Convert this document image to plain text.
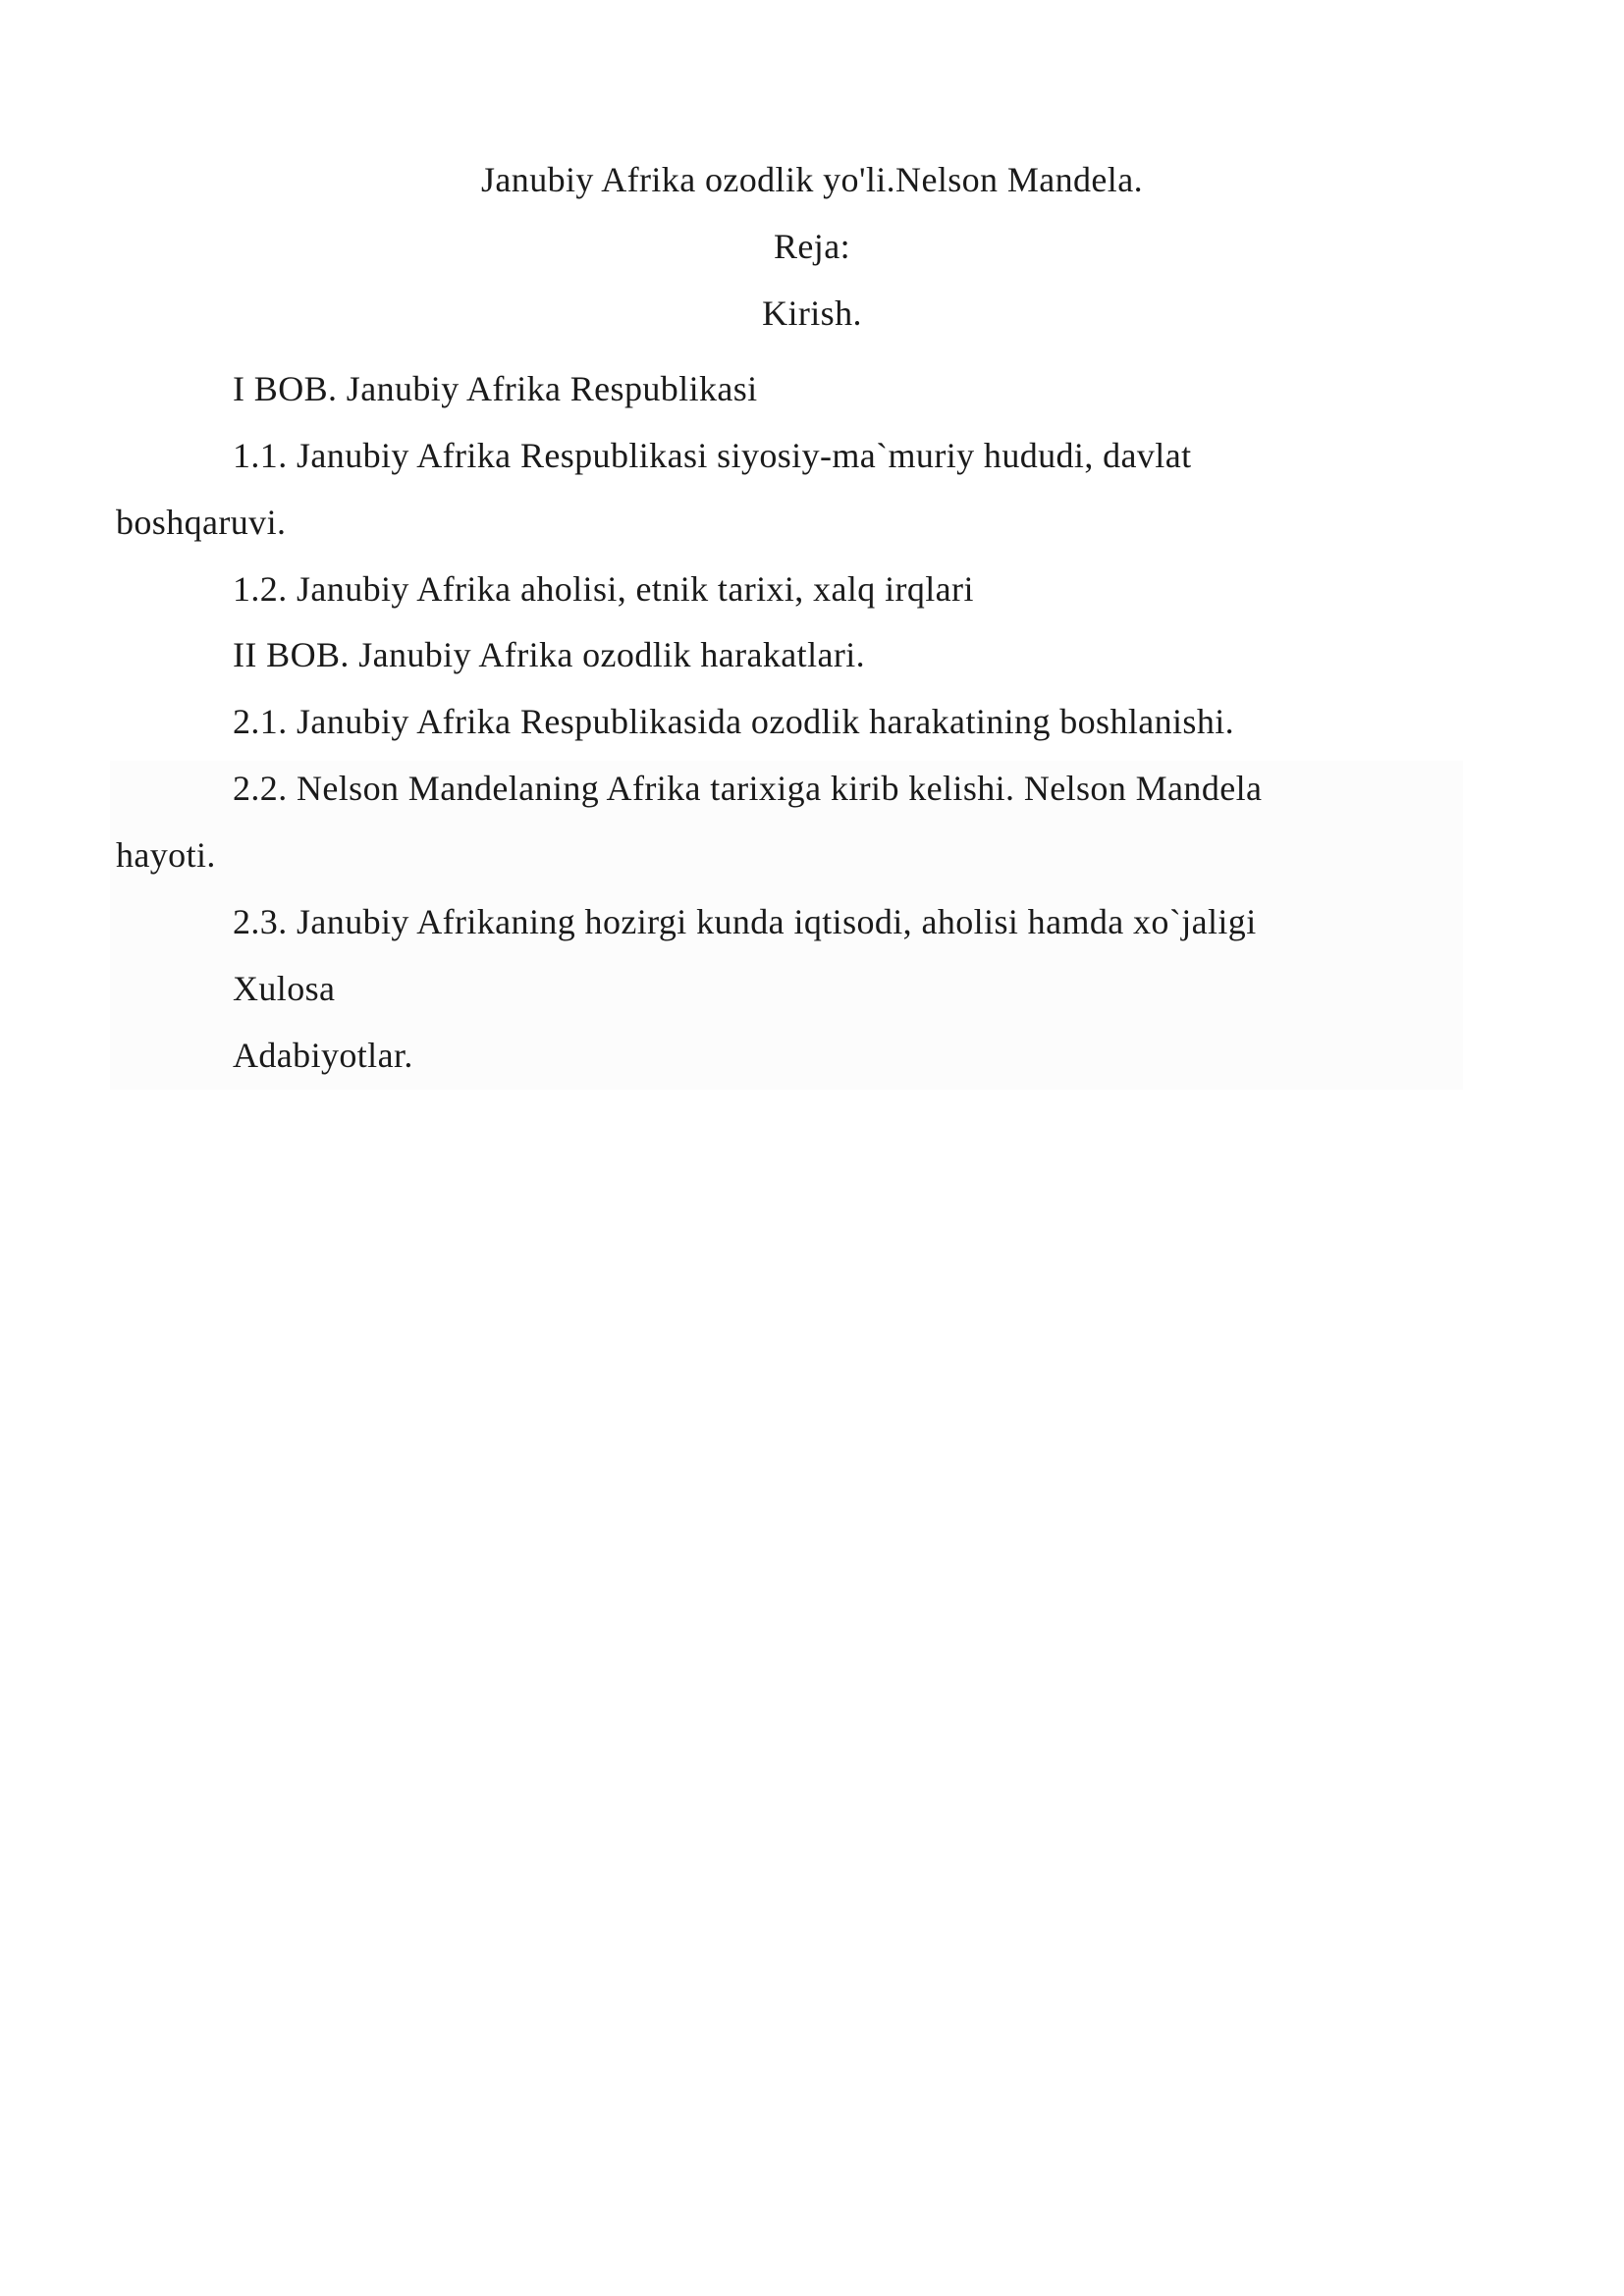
Janubiy Afrika ozodlik yo'li.Nelson Mandela.
Reja:
Kirish.
I BOB. Janubiy Afrika Respublikasi
1.1. Janubiy Afrika Respublikasi siyosiy-ma`muriy hududi, davlat
boshqaruvi.
1.2. Janubiy Afrika aholisi, etnik tarixi, xalq irqlari
II BOB. Janubiy Afrika ozodlik harakatlari.
2.1. Janubiy Afrika Respublikasida ozodlik harakatining boshlanishi.
2.2. Nelson Mandelaning Afrika tarixiga kirib kelishi. Nelson Mandela
hayoti.
2.3. Janubiy Afrikaning hozirgi kunda iqtisodi, aholisi hamda xo`jaligi
Xulosa
Adabiyotlar.
